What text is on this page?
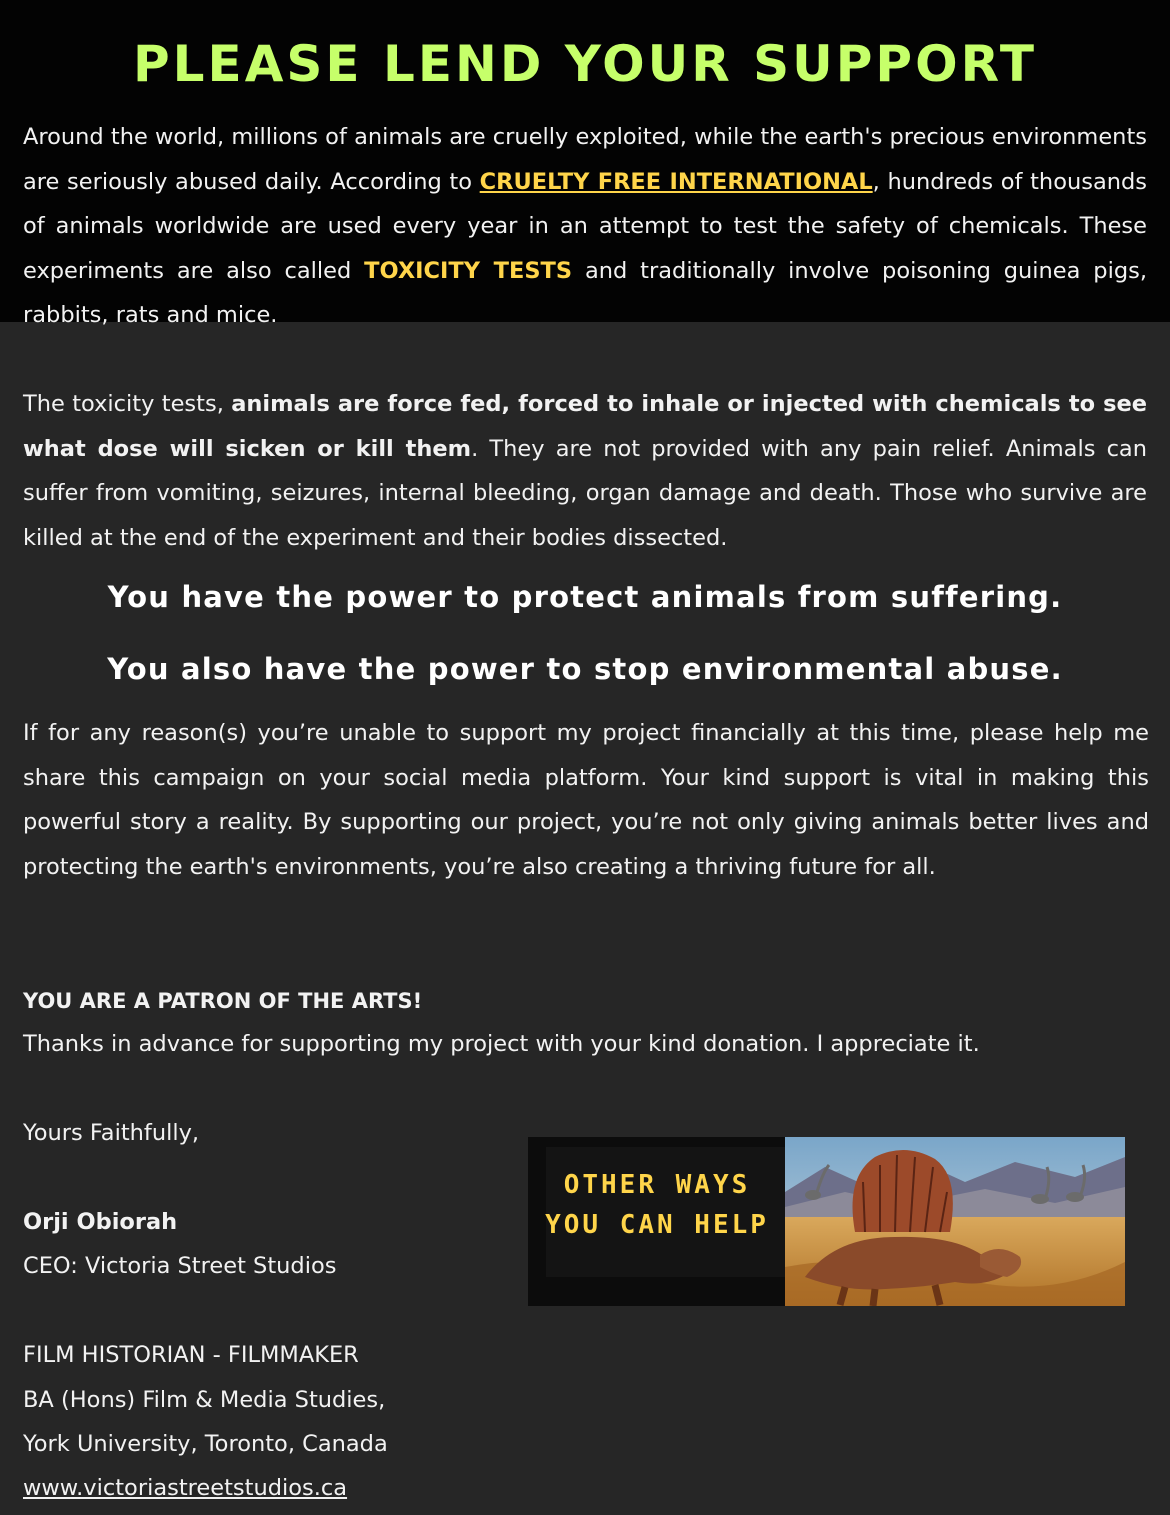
PLEASE LEND YOUR SUPPORT

Around the world, millions of animals are cruelly exploited, while the earth's precious environments are seriously abused daily. According to CRUELTY FREE INTERNATIONAL, hundreds of thousands of animals worldwide are used every year in an attempt to test the safety of chemicals. These experiments are also called TOXICITY TESTS and traditionally involve poisoning guinea pigs, rabbits, rats and mice.

The toxicity tests, animals are force fed, forced to inhale or injected with chemicals to see what dose will sicken or kill them. They are not provided with any pain relief. Animals can suffer from vomiting, seizures, internal bleeding, organ damage and death. Those who survive are killed at the end of the experiment and their bodies dissected.

You have the power to protect animals from suffering.

You also have the power to stop environmental abuse.

If for any reason(s) you’re unable to support my project financially at this time, please help me share this campaign on your social media platform. Your kind support is vital in making this powerful story a reality. By supporting our project, you’re not only giving animals better lives and protecting the earth's environments, you’re also creating a thriving future for all.

YOU ARE A PATRON OF THE ARTS!

Thanks in advance for supporting my project with your kind donation. I appreciate it.

Yours Faithfully,

Orji Obiorah

CEO: Victoria Street Studios

FILM HISTORIAN - FILMMAKER

BA (Hons) Film & Media Studies,

York University, Toronto, Canada

www.victoriastreetstudios.ca

OTHER WAYS
YOU CAN HELP
